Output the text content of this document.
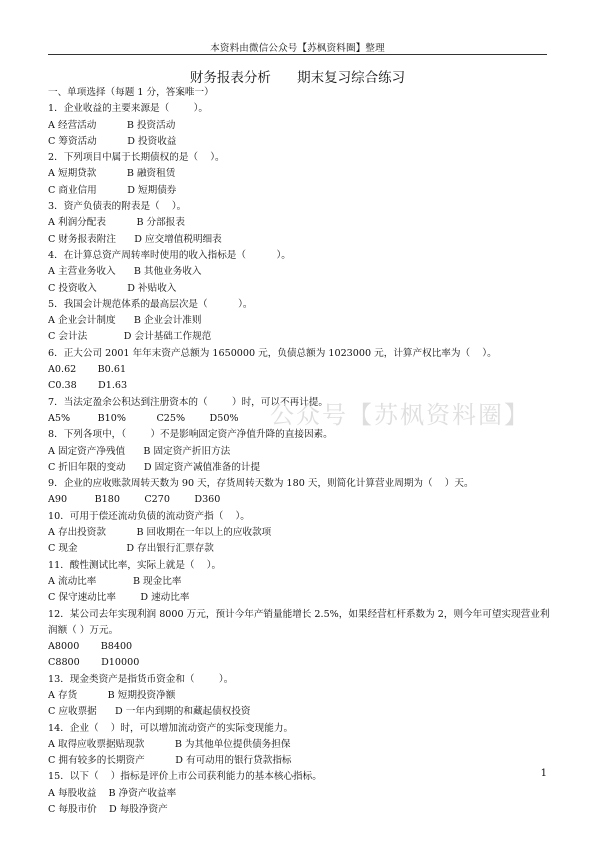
本资料由微信公众号【苏枫资料圈】整理
财务报表分析 期末复习综合练习
一、单项选择（每题 1 分，答案唯一）
1．企业收益的主要来源是（        ）。
A 经营活动          B 投资活动
C 筹资活动          D 投资收益
2．下列项目中属于长期债权的是（    ）。
A 短期贷款          B 融资租赁
C 商业信用          D 短期债券
3．资产负债表的附表是（    ）。
A 利润分配表          B 分部报表
C 财务报表附注      D 应交增值税明细表
4．在计算总资产周转率时使用的收入指标是（          ）。
A 主营业务收入      B 其他业务收入
C 投资收入          D 补贴收入
5．我国会计规范体系的最高层次是（          ）。
A 企业会计制度      B 企业会计准则
C 会计法            D 会计基础工作规范
6．正大公司 2001 年年末资产总额为 1650000 元，负债总额为 1023000 元，计算产权比率为（    ）。
A0.62       B0.61
C0.38       D1.63
7．当法定盈余公积达到注册资本的（        ）时，可以不再计提。
A5%         B10%          C25%        D50%
8．下列各项中，（        ）不是影响固定资产净值升降的直接因素。
A 固定资产净残值      B 固定资产折旧方法
C 折旧年限的变动      D 固定资产减值准备的计提
9．企业的应收账款周转天数为 90 天，存货周转天数为 180 天，则简化计算营业周期为（    ）天。
A90         B180        C270        D360
10．可用于偿还流动负债的流动资产指（    ）。
A 存出投资款          B 回收期在一年以上的应收款项
C 现金                D 存出银行汇票存款
11．酸性测试比率，实际上就是（    ）。
A 流动比率            B 现金比率
C 保守速动比率        D 速动比率
12．某公司去年实现利润 8000 万元，预计今年产销量能增长 2.5%，如果经营杠杆系数为 2，则今年可望实现营业利润额（ ）万元。
A8000       B8400
C8800       D10000
13．现金类资产是指货币资金和（        ）。
A 存货          B 短期投资净额
C 应收票据      D 一年内到期的和藏起债权投资
14．企业（    ）时，可以增加流动资产的实际变现能力。
A 取得应收票据贴现款          B 为其他单位提供债务担保
C 拥有较多的长期资产          D 有可动用的银行贷款指标
15．以下（    ）指标是评价上市公司获利能力的基本核心指标。
A 每股收益    B 净资产收益率
C 每股市价    D 每股净资产
公众号【苏枫资料圈】
1
